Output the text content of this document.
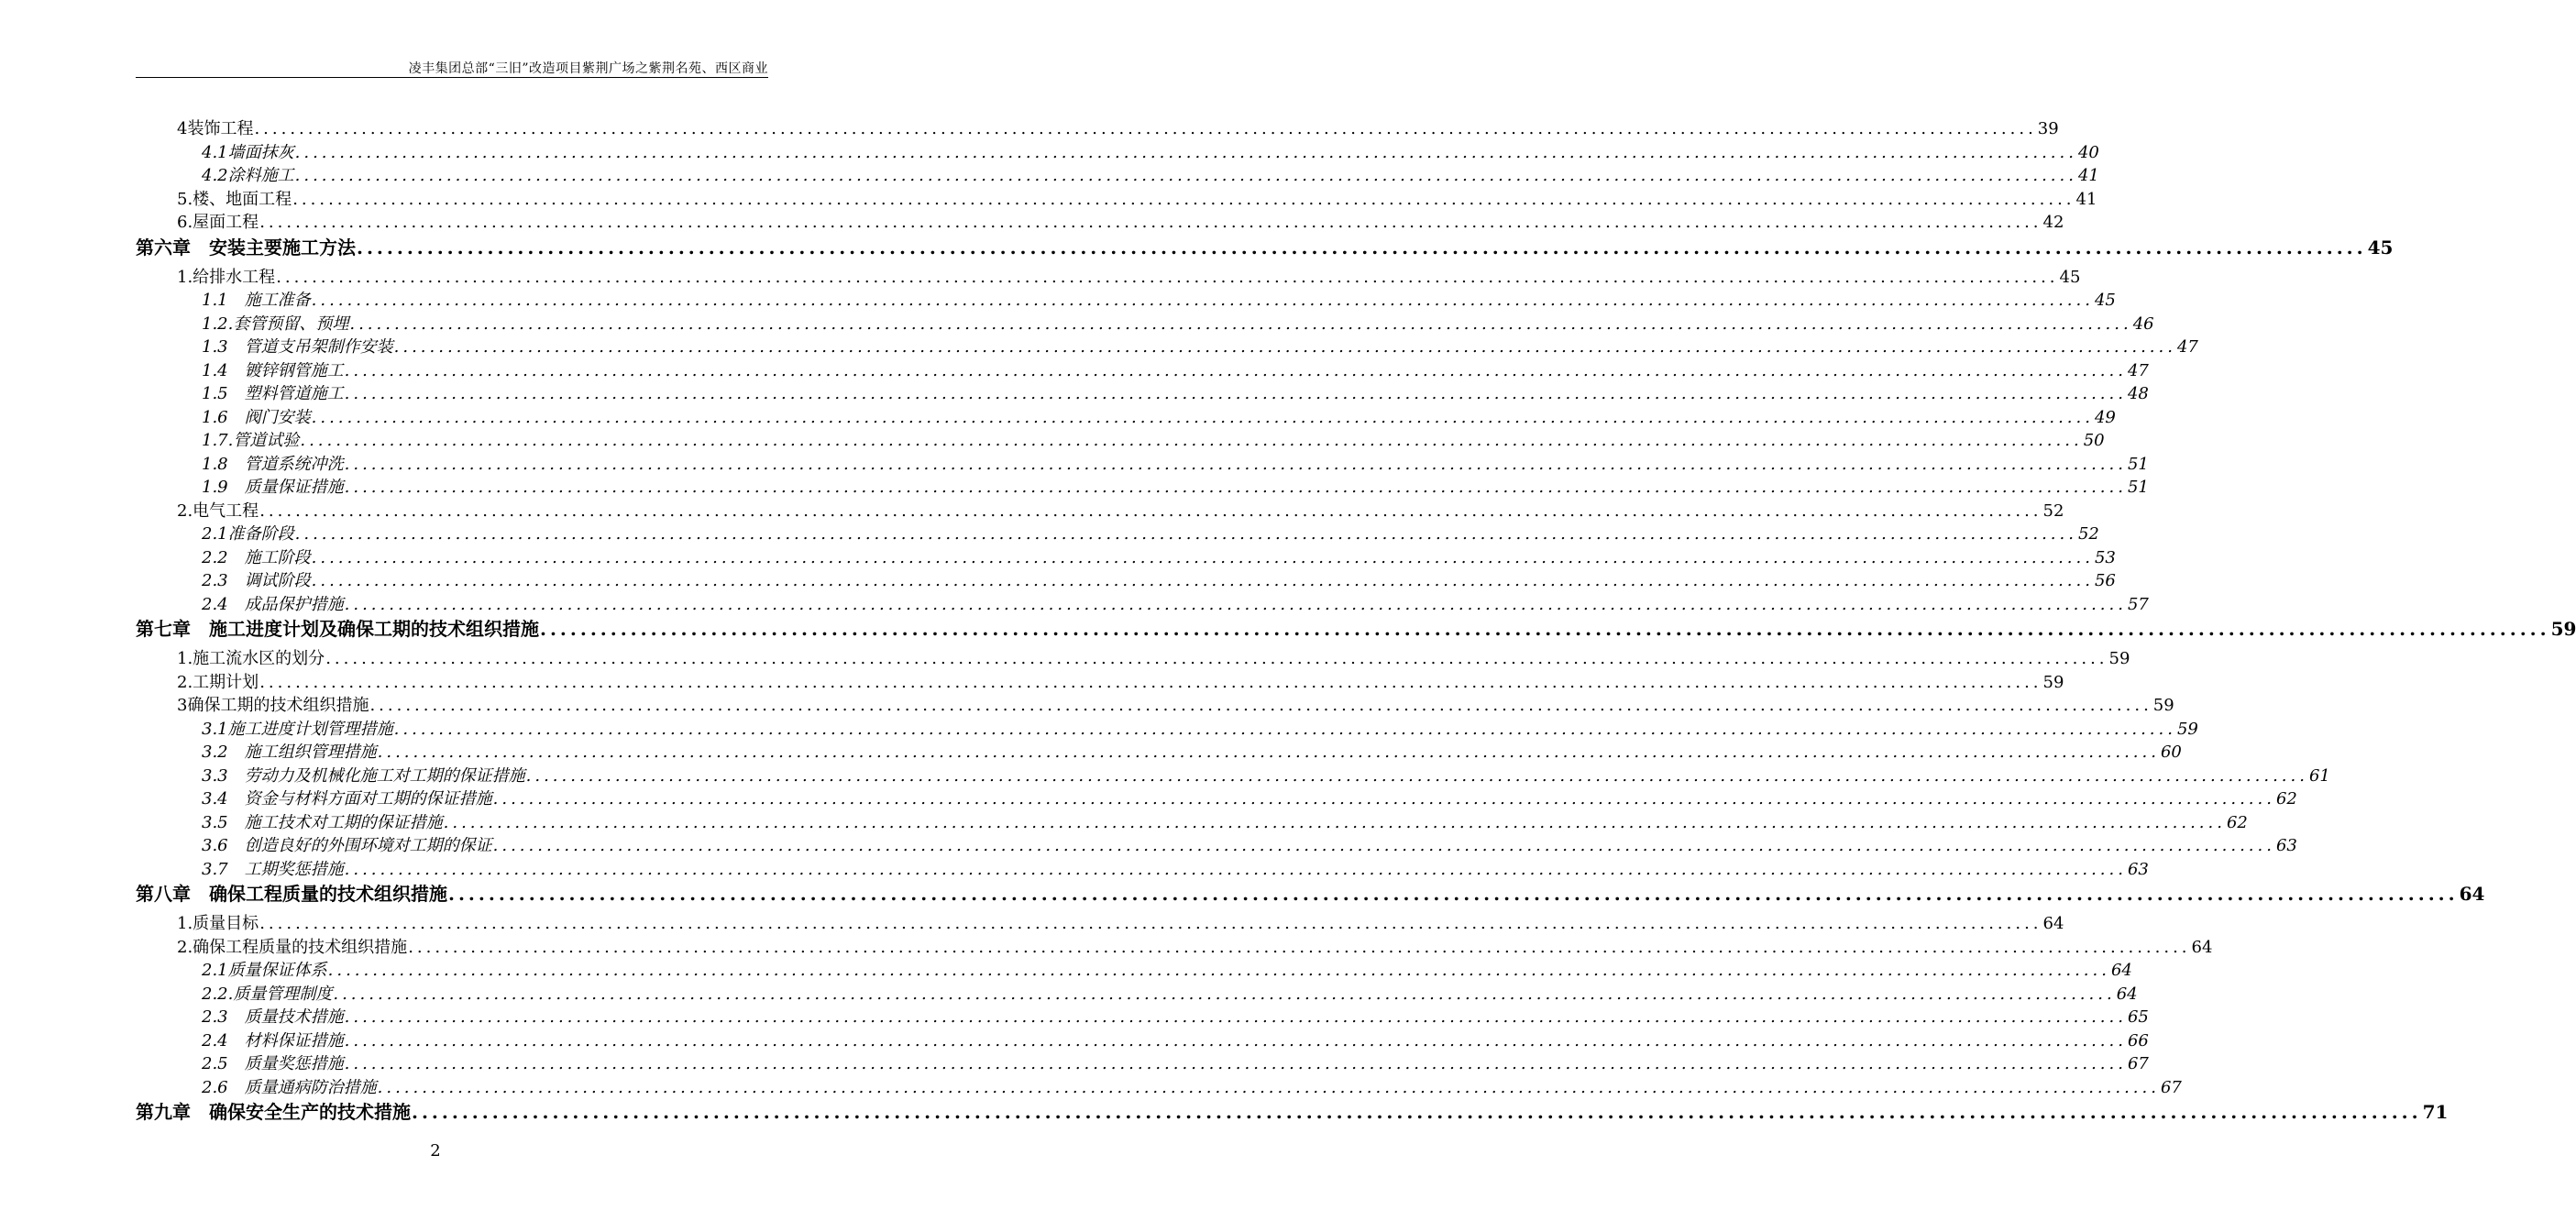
凌丰集团总部“三旧”改造项目紫荆广场之紫荆名苑、西区商业
4装饰工程 ........................................................................................................................................................................................................ 39
4.1墙面抹灰 ........................................................................................................................................................................................................ 40
4.2涂料施工 ........................................................................................................................................................................................................ 41
5.楼、地面工程 ........................................................................................................................................................................................................ 41
6.屋面工程 ........................................................................................................................................................................................................ 42
第六章　安装主要施工方法 ........................................................................................................................................................................................................ 45
1.给排水工程 ........................................................................................................................................................................................................ 45
1.1　施工准备 ........................................................................................................................................................................................................ 45
1.2.套管预留、预埋 ........................................................................................................................................................................................................ 46
1.3　管道支吊架制作安装 ........................................................................................................................................................................................................ 47
1.4　镀锌钢管施工 ........................................................................................................................................................................................................ 47
1.5　塑料管道施工 ........................................................................................................................................................................................................ 48
1.6　阀门安装 ........................................................................................................................................................................................................ 49
1.7.管道试验 ........................................................................................................................................................................................................ 50
1.8　管道系统冲洗 ........................................................................................................................................................................................................ 51
1.9　质量保证措施 ........................................................................................................................................................................................................ 51
2.电气工程 ........................................................................................................................................................................................................ 52
2.1准备阶段 ........................................................................................................................................................................................................ 52
2.2　施工阶段 ........................................................................................................................................................................................................ 53
2.3　调试阶段 ........................................................................................................................................................................................................ 56
2.4　成品保护措施 ........................................................................................................................................................................................................ 57
第七章　施工进度计划及确保工期的技术组织措施 ........................................................................................................................................................................................................ 59
1.施工流水区的划分 ........................................................................................................................................................................................................ 59
2.工期计划 ........................................................................................................................................................................................................ 59
3确保工期的技术组织措施 ........................................................................................................................................................................................................ 59
3.1施工进度计划管理措施 ........................................................................................................................................................................................................ 59
3.2　施工组织管理措施 ........................................................................................................................................................................................................ 60
3.3　劳动力及机械化施工对工期的保证措施 ........................................................................................................................................................................................................ 61
3.4　资金与材料方面对工期的保证措施 ........................................................................................................................................................................................................ 62
3.5　施工技术对工期的保证措施 ........................................................................................................................................................................................................ 62
3.6　创造良好的外围环境对工期的保证 ........................................................................................................................................................................................................ 63
3.7　工期奖惩措施 ........................................................................................................................................................................................................ 63
第八章　确保工程质量的技术组织措施 ........................................................................................................................................................................................................ 64
1.质量目标 ........................................................................................................................................................................................................ 64
2.确保工程质量的技术组织措施 ........................................................................................................................................................................................................ 64
2.1质量保证体系 ........................................................................................................................................................................................................ 64
2.2.质量管理制度 ........................................................................................................................................................................................................ 64
2.3　质量技术措施 ........................................................................................................................................................................................................ 65
2.4　材料保证措施 ........................................................................................................................................................................................................ 66
2.5　质量奖惩措施 ........................................................................................................................................................................................................ 67
2.6　质量通病防治措施 ........................................................................................................................................................................................................ 67
第九章　确保安全生产的技术措施 ........................................................................................................................................................................................................ 71
2
